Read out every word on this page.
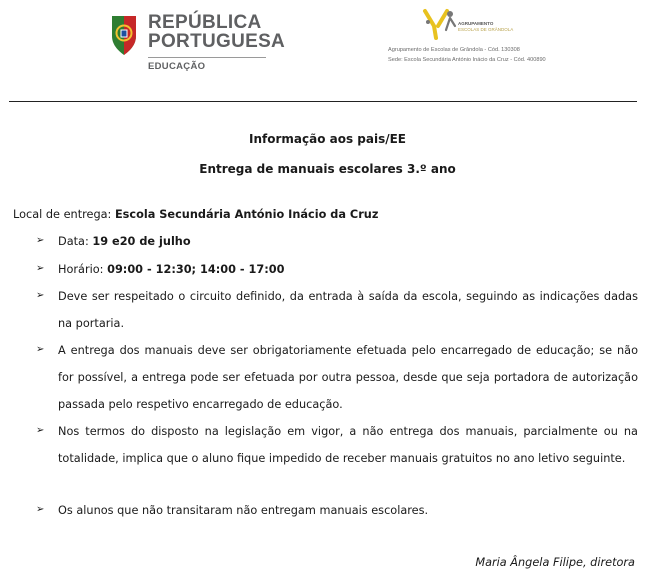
REPÚBLICA
PORTUGUESA
EDUCAÇÃO
AGRUPAMENTO
ESCOLAS DE GRÂNDOLA
Agrupamento de Escolas de Grândola - Cód. 130308
Sede: Escola Secundária António Inácio da Cruz - Cód. 400890
Informação aos pais/EE
Entrega de manuais escolares 3.º ano
Local de entrega: Escola Secundária António Inácio da Cruz
➢	Data: 19 e20 de julho
➢	Horário: 09:00 - 12:30; 14:00 - 17:00
➢	Deve ser respeitado o circuito definido, da entrada à saída da escola, seguindo as indicações dadas na portaria.
➢	A entrega dos manuais deve ser obrigatoriamente efetuada pelo encarregado de educação; se não for possível, a entrega pode ser efetuada por outra pessoa, desde que seja portadora de autorização passada pelo respetivo encarregado de educação.
➢	Nos termos do disposto na legislação em vigor, a não entrega dos manuais, parcialmente ou na totalidade, implica que o aluno fique impedido de receber manuais gratuitos no ano letivo seguinte.
➢	Os alunos que não transitaram não entregam manuais escolares.
Maria Ângela Filipe, diretora
